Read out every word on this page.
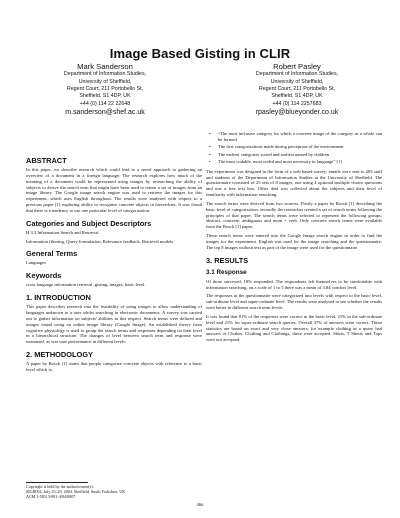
Image Based Gisting in CLIR
Mark Sanderson
Department of Information Studies,
University of Sheffield,
Regent Court, 211 Portobello St,
Sheffield, S1 4DP, UK
+44 (0) 114 22 22648
m.sanderson@shef.ac.uk
Robert Pasley
Department of Information Studies,
University of Sheffield,
Regent Court, 211 Portobello St,
Sheffield, S1 4DP, UK
+44 (0) 114 2257683
rpasley@blueyonder.co.uk
ABSTRACT

In this paper, we describe research which could lead to a novel approach to gathering an overview of a document in a foreign language. The research explores how much of the meaning of a document could be represented using images by researching the ability of subjects to derive the search term that might have been used to return a set of images from an image library. The Google image search engine was used to retrieve the images for this experiment, which uses English throughout. The results were analysed with respect to a previous paper [1] exploring ability to recognise concrete objects in hierarchies. It was found that there is a tendency to use one particular level of categorization.

Categories and Subject Descriptors

H.3.3 Information Search and Retrieval

Information filtering, Query formulation, Relevance feedback, Retrieval models.

General Terms

Languages

Keywords

cross language information retrieval, gisting, images, basic level.

1. INTRODUCTION

This paper describes research into the feasibility of using images to allow understanding of languages unknown to a user whilst searching in electronic documents. A survey was carried out to gather information on subjects' abilities in this respect. Search terms were defined and images found using an online image library (Google Image). An established theory from cognitive physiology is used to group the search terms and responses depending on their level in a hierarchical structure. The changes of level between search term and response were examined, as was user performance in different levels.

2. METHODOLOGY

A paper by Rosch [1] states that people categorize concrete objects with reference to a basic level which is;

Copyright is held by the author/owner(s).
SIGIR'04, July 25–29, 2004, Sheffield, South Yorkshire, UK
ACM 1-58113-881-4/04/0007.
• “The most inclusive category for which a concrete image of the category as a whole can be formed
• The first categorizations made during perception of the environment
• The earliest categories sorted and earliest named by children
• The most codable, most coded and most necessary in language” [1]

The experiment was designed in the form of a web based survey; emails were sent to 283 staff and students of the Department of Information Studies at the University of Sheffield. The questionnaire consisted of 25 sets of 8 images, one using 4 optional multiple choice questions and one a free text box. Other data was collected about the subjects and their level of familiarity with information searching.

The search terms were derived from two sources. Firstly a paper by Rosch [1] describing the basic level of categorization, secondly the researcher created a set of search terms following the principles of that paper. The search terms were selected to represent the following groups; abstract, concrete, ambiguous and noun + verb. Only concrete search terms were available from the Rosch [1] paper.

These search terms were entered into the Google Image search engine in order to find the images for the experiment. English was used for the image searching and the questionnaire. The top 8 images without text as part of the image were used for the questionnaire.

3. RESULTS
3.1 Response

Of those surveyed, 18% responded. The respondents felt themselves to be comfortable with information searching, on a scale of 1 to 5 there was a mean of 3.84 comfort level.

The responses to the questionnaire were categorized into levels with respect to the basic level, sub-ordinate level and super-ordinate level. The results were analysed to see whether the results were better in different search term levels.

It was found that 81% of the responses were correct in the basic level, 21% in the sub-ordinate level and 21% for super-ordinate search queries. Overall 37% of answers were correct. These statistics are based on exact and very close answers; for example clothing as a query had answers of Clothes, Clothing and Clothings; these were accepted. Shirts, T Shorts and Tops were not accepted.

466
